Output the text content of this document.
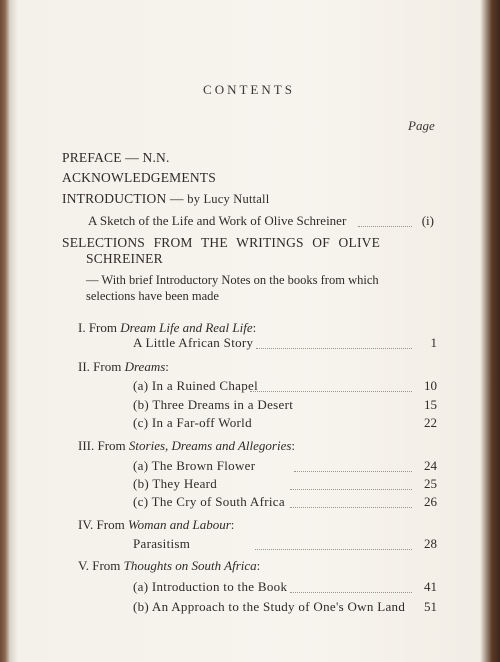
CONTENTS
Page
PREFACE — N.N.
ACKNOWLEDGEMENTS
INTRODUCTION — by Lucy Nuttall
A Sketch of the Life and Work of Olive Schreiner	(i)
SELECTIONS FROM THE WRITINGS OF OLIVE
SCHREINER
— With brief Introductory Notes on the books from which
selections have been made
I. From Dream Life and Real Life:
A Little African Story	1
II. From Dreams:
(a) In a Ruined Chapel	10
(b) Three Dreams in a Desert	15
(c) In a Far-off World	22
III. From Stories, Dreams and Allegories:
(a) The Brown Flower	24
(b) They Heard	25
(c) The Cry of South Africa	26
IV. From Woman and Labour:
Parasitism	28
V. From Thoughts on South Africa:
(a) Introduction to the Book	41
(b) An Approach to the Study of One's Own Land	51
